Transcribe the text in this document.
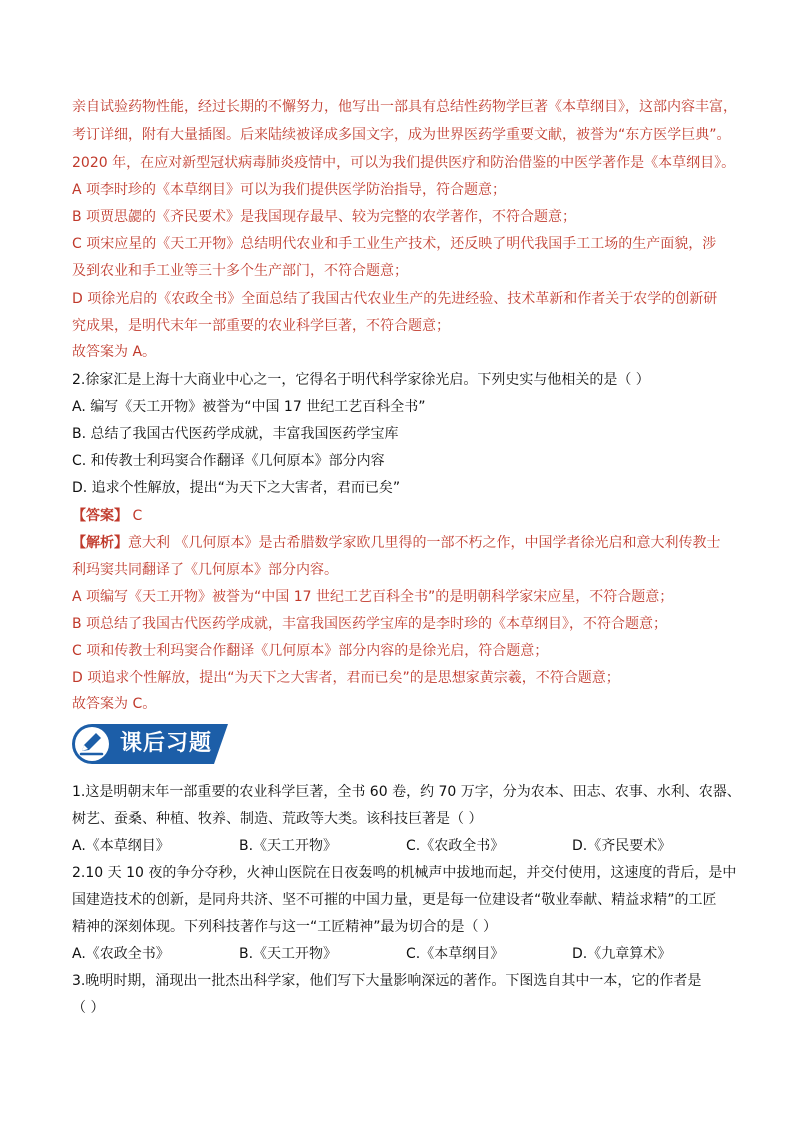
亲自试验药物性能，经过长期的不懈努力，他写出一部具有总结性药物学巨著《本草纲目》，这部内容丰富，
考订详细，附有大量插图。后来陆续被译成多国文字，成为世界医药学重要文献，被誉为“东方医学巨典”。
2020 年，在应对新型冠状病毒肺炎疫情中，可以为我们提供医疗和防治借鉴的中医学著作是《本草纲目》。
A 项李时珍的《本草纲目》可以为我们提供医学防治指导，符合题意；
B 项贾思勰的《齐民要术》是我国现存最早、较为完整的农学著作，不符合题意；
C 项宋应星的《天工开物》总结明代农业和手工业生产技术，还反映了明代我国手工工场的生产面貌，涉
及到农业和手工业等三十多个生产部门，不符合题意；
D 项徐光启的《农政全书》全面总结了我国古代农业生产的先进经验、技术革新和作者关于农学的创新研
究成果，是明代末年一部重要的农业科学巨著，不符合题意；
故答案为 A。
2.徐家汇是上海十大商业中心之一，它得名于明代科学家徐光启。下列史实与他相关的是（ ）
A. 编写《天工开物》被誉为“中国 17 世纪工艺百科全书”
B. 总结了我国古代医药学成就，丰富我国医药学宝库
C. 和传教士利玛窦合作翻译《几何原本》部分内容
D. 追求个性解放，提出“为天下之大害者，君而已矣”
【答案】 C
【解析】意大利 《几何原本》是古希腊数学家欧几里得的一部不朽之作，中国学者徐光启和意大利传教士
利玛窦共同翻译了《几何原本》部分内容。
A 项编写《天工开物》被誉为“中国 17 世纪工艺百科全书”的是明朝科学家宋应星，不符合题意；
B 项总结了我国古代医药学成就，丰富我国医药学宝库的是李时珍的《本草纲目》，不符合题意；
C 项和传教士利玛窦合作翻译《几何原本》部分内容的是徐光启，符合题意；
D 项追求个性解放，提出“为天下之大害者，君而已矣”的是思想家黄宗羲，不符合题意；
故答案为 C。
课后习题
1.这是明朝末年一部重要的农业科学巨著，全书 60 卷，约 70 万字，分为农本、田志、农事、水利、农器、
树艺、蚕桑、种植、牧养、制造、荒政等大类。该科技巨著是（ ）
A.《本草纲目》	B.《天工开物》	C.《农政全书》	D.《齐民要术》
2.10 天 10 夜的争分夺秒，火神山医院在日夜轰鸣的机械声中拔地而起，并交付使用，这速度的背后，是中
国建造技术的创新，是同舟共济、坚不可摧的中国力量，更是每一位建设者“敬业奉献、精益求精”的工匠
精神的深刻体现。下列科技著作与这一“工匠精神”最为切合的是（ ）
A.《农政全书》	B.《天工开物》	C.《本草纲目》	D.《九章算术》
3.晚明时期，涌现出一批杰出科学家，他们写下大量影响深远的著作。下图选自其中一本，它的作者是
（ ）
